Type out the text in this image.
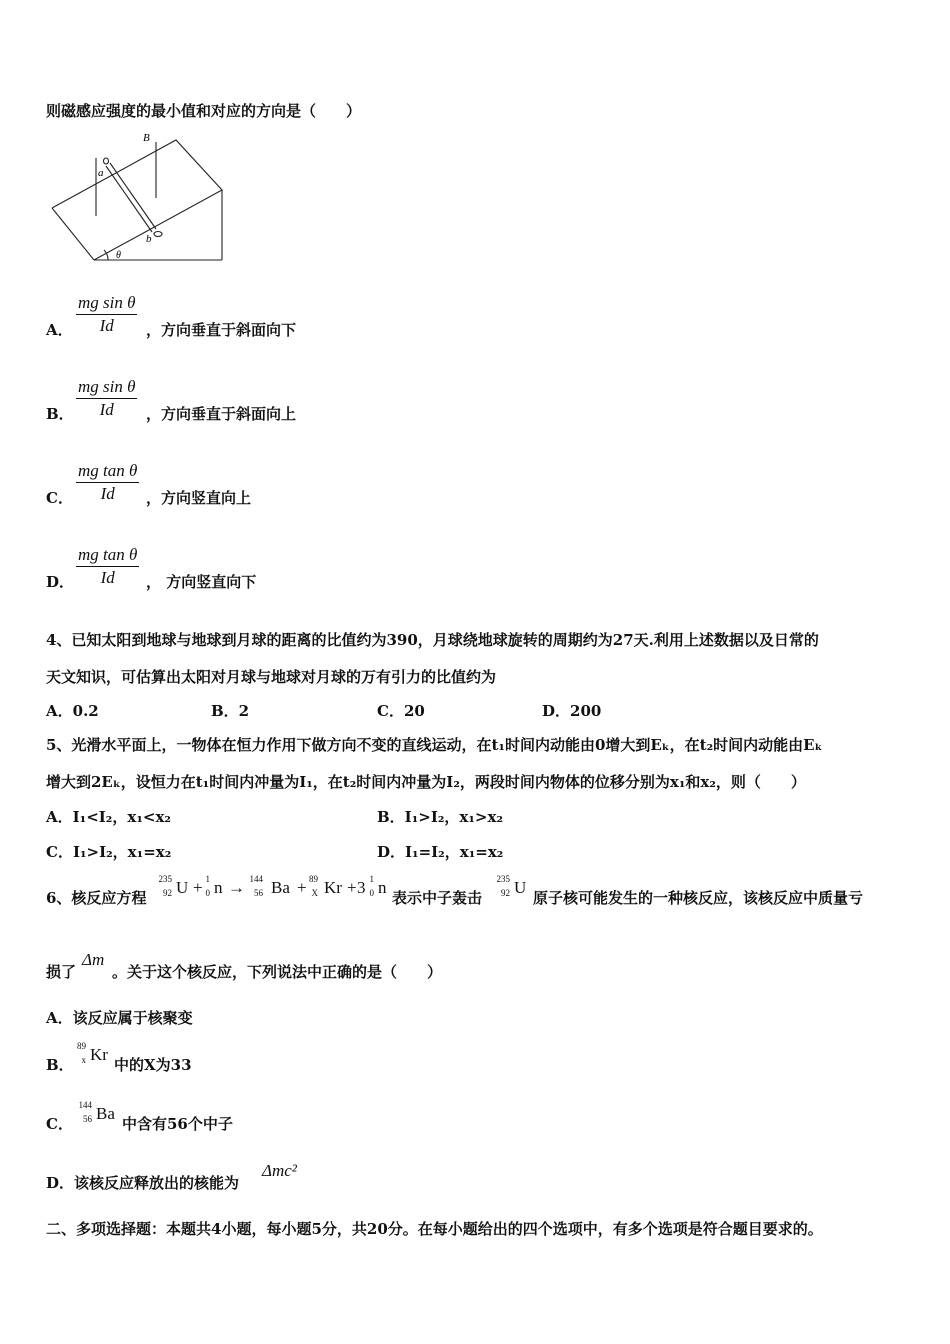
则磁感应强度的最小值和对应的方向是（　　）
B
a
b
θ
A．
mg sin θ
Id	，方向垂直于斜面向下
B．
mg sin θ
Id	，方向垂直于斜面向上
C．
mg tan θ
Id	，方向竖直向上
D．
mg tan θ
Id	， 方向竖直向下
4、已知太阳到地球与地球到月球的距离的比值约为390，月球绕地球旋转的周期约为27天.利用上述数据以及日常的
天文知识，可估算出太阳对月球与地球对月球的万有引力的比值约为
A．0.2	B．2	C．20	D．200
5、光滑水平面上，一物体在恒力作用下做方向不变的直线运动，在t₁时间内动能由0增大到Eₖ，在t₂时间内动能由Eₖ
增大到2Eₖ，设恒力在t₁时间内冲量为I₁，在t₂时间内冲量为I₂，两段时间内物体的位移分别为x₁和x₂，则（　　）
A．I₁<I₂，x₁<x₂	B．I₁>I₂，x₁>x₂
C．I₁>I₂，x₁=x₂	D．I₁=I₂，x₁=x₂
6、核反应方程
235
92 U + 1
0 n → 144
56 Ba + 89
X Kr + 3 1
0 n
表示中子轰击
235
92 U
原子核可能发生的一种核反应，该核反应中质量亏
损了
Δm
。关于这个核反应，下列说法中正确的是（　　）
A．该反应属于核聚变
B．
89
x Kr
中的X为33
C．
144
56 Ba
中含有56个中子
D．该核反应释放出的核能为
Δmc²
二、多项选择题：本题共4小题，每小题5分，共20分。在每小题给出的四个选项中，有多个选项是符合题目要求的。
